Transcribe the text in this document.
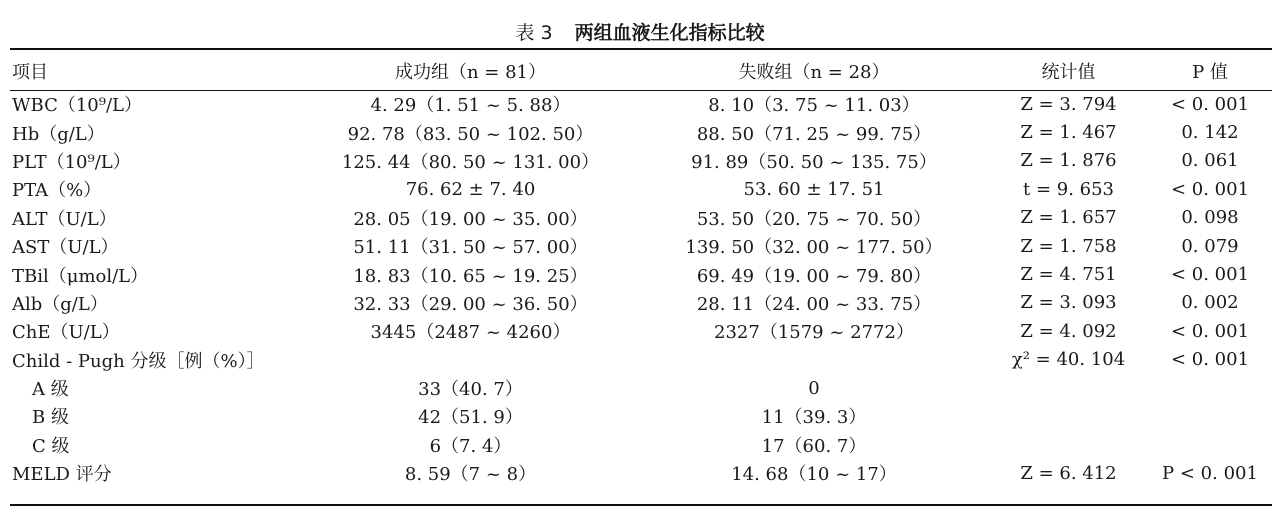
表 3 两组血液生化指标比较
项目	成功组（n = 81）	失败组（n = 28）	统计值	P 值
WBC（10⁹/L）	4. 29（1. 51 ~ 5. 88）	8. 10（3. 75 ~ 11. 03）	Z = 3. 794	< 0. 001
Hb（g/L）	92. 78（83. 50 ~ 102. 50）	88. 50（71. 25 ~ 99. 75）	Z = 1. 467	0. 142
PLT（10⁹/L）	125. 44（80. 50 ~ 131. 00）	91. 89（50. 50 ~ 135. 75）	Z = 1. 876	0. 061
PTA（%）	76. 62 ± 7. 40	53. 60 ± 17. 51	t = 9. 653	< 0. 001
ALT（U/L）	28. 05（19. 00 ~ 35. 00）	53. 50（20. 75 ~ 70. 50）	Z = 1. 657	0. 098
AST（U/L）	51. 11（31. 50 ~ 57. 00）	139. 50（32. 00 ~ 177. 50）	Z = 1. 758	0. 079
TBil（μmol/L）	18. 83（10. 65 ~ 19. 25）	69. 49（19. 00 ~ 79. 80）	Z = 4. 751	< 0. 001
Alb（g/L）	32. 33（29. 00 ~ 36. 50）	28. 11（24. 00 ~ 33. 75）	Z = 3. 093	0. 002
ChE（U/L）	3445（2487 ~ 4260）	2327（1579 ~ 2772）	Z = 4. 092	< 0. 001
Child - Pugh 分级［例（%）］			χ² = 40. 104	< 0. 001
A 级	33（40. 7）	0		
B 级	42（51. 9）	11（39. 3）		
C 级	6（7. 4）	17（60. 7）		
MELD 评分	8. 59（7 ~ 8）	14. 68（10 ~ 17）	Z = 6. 412	P < 0. 001
